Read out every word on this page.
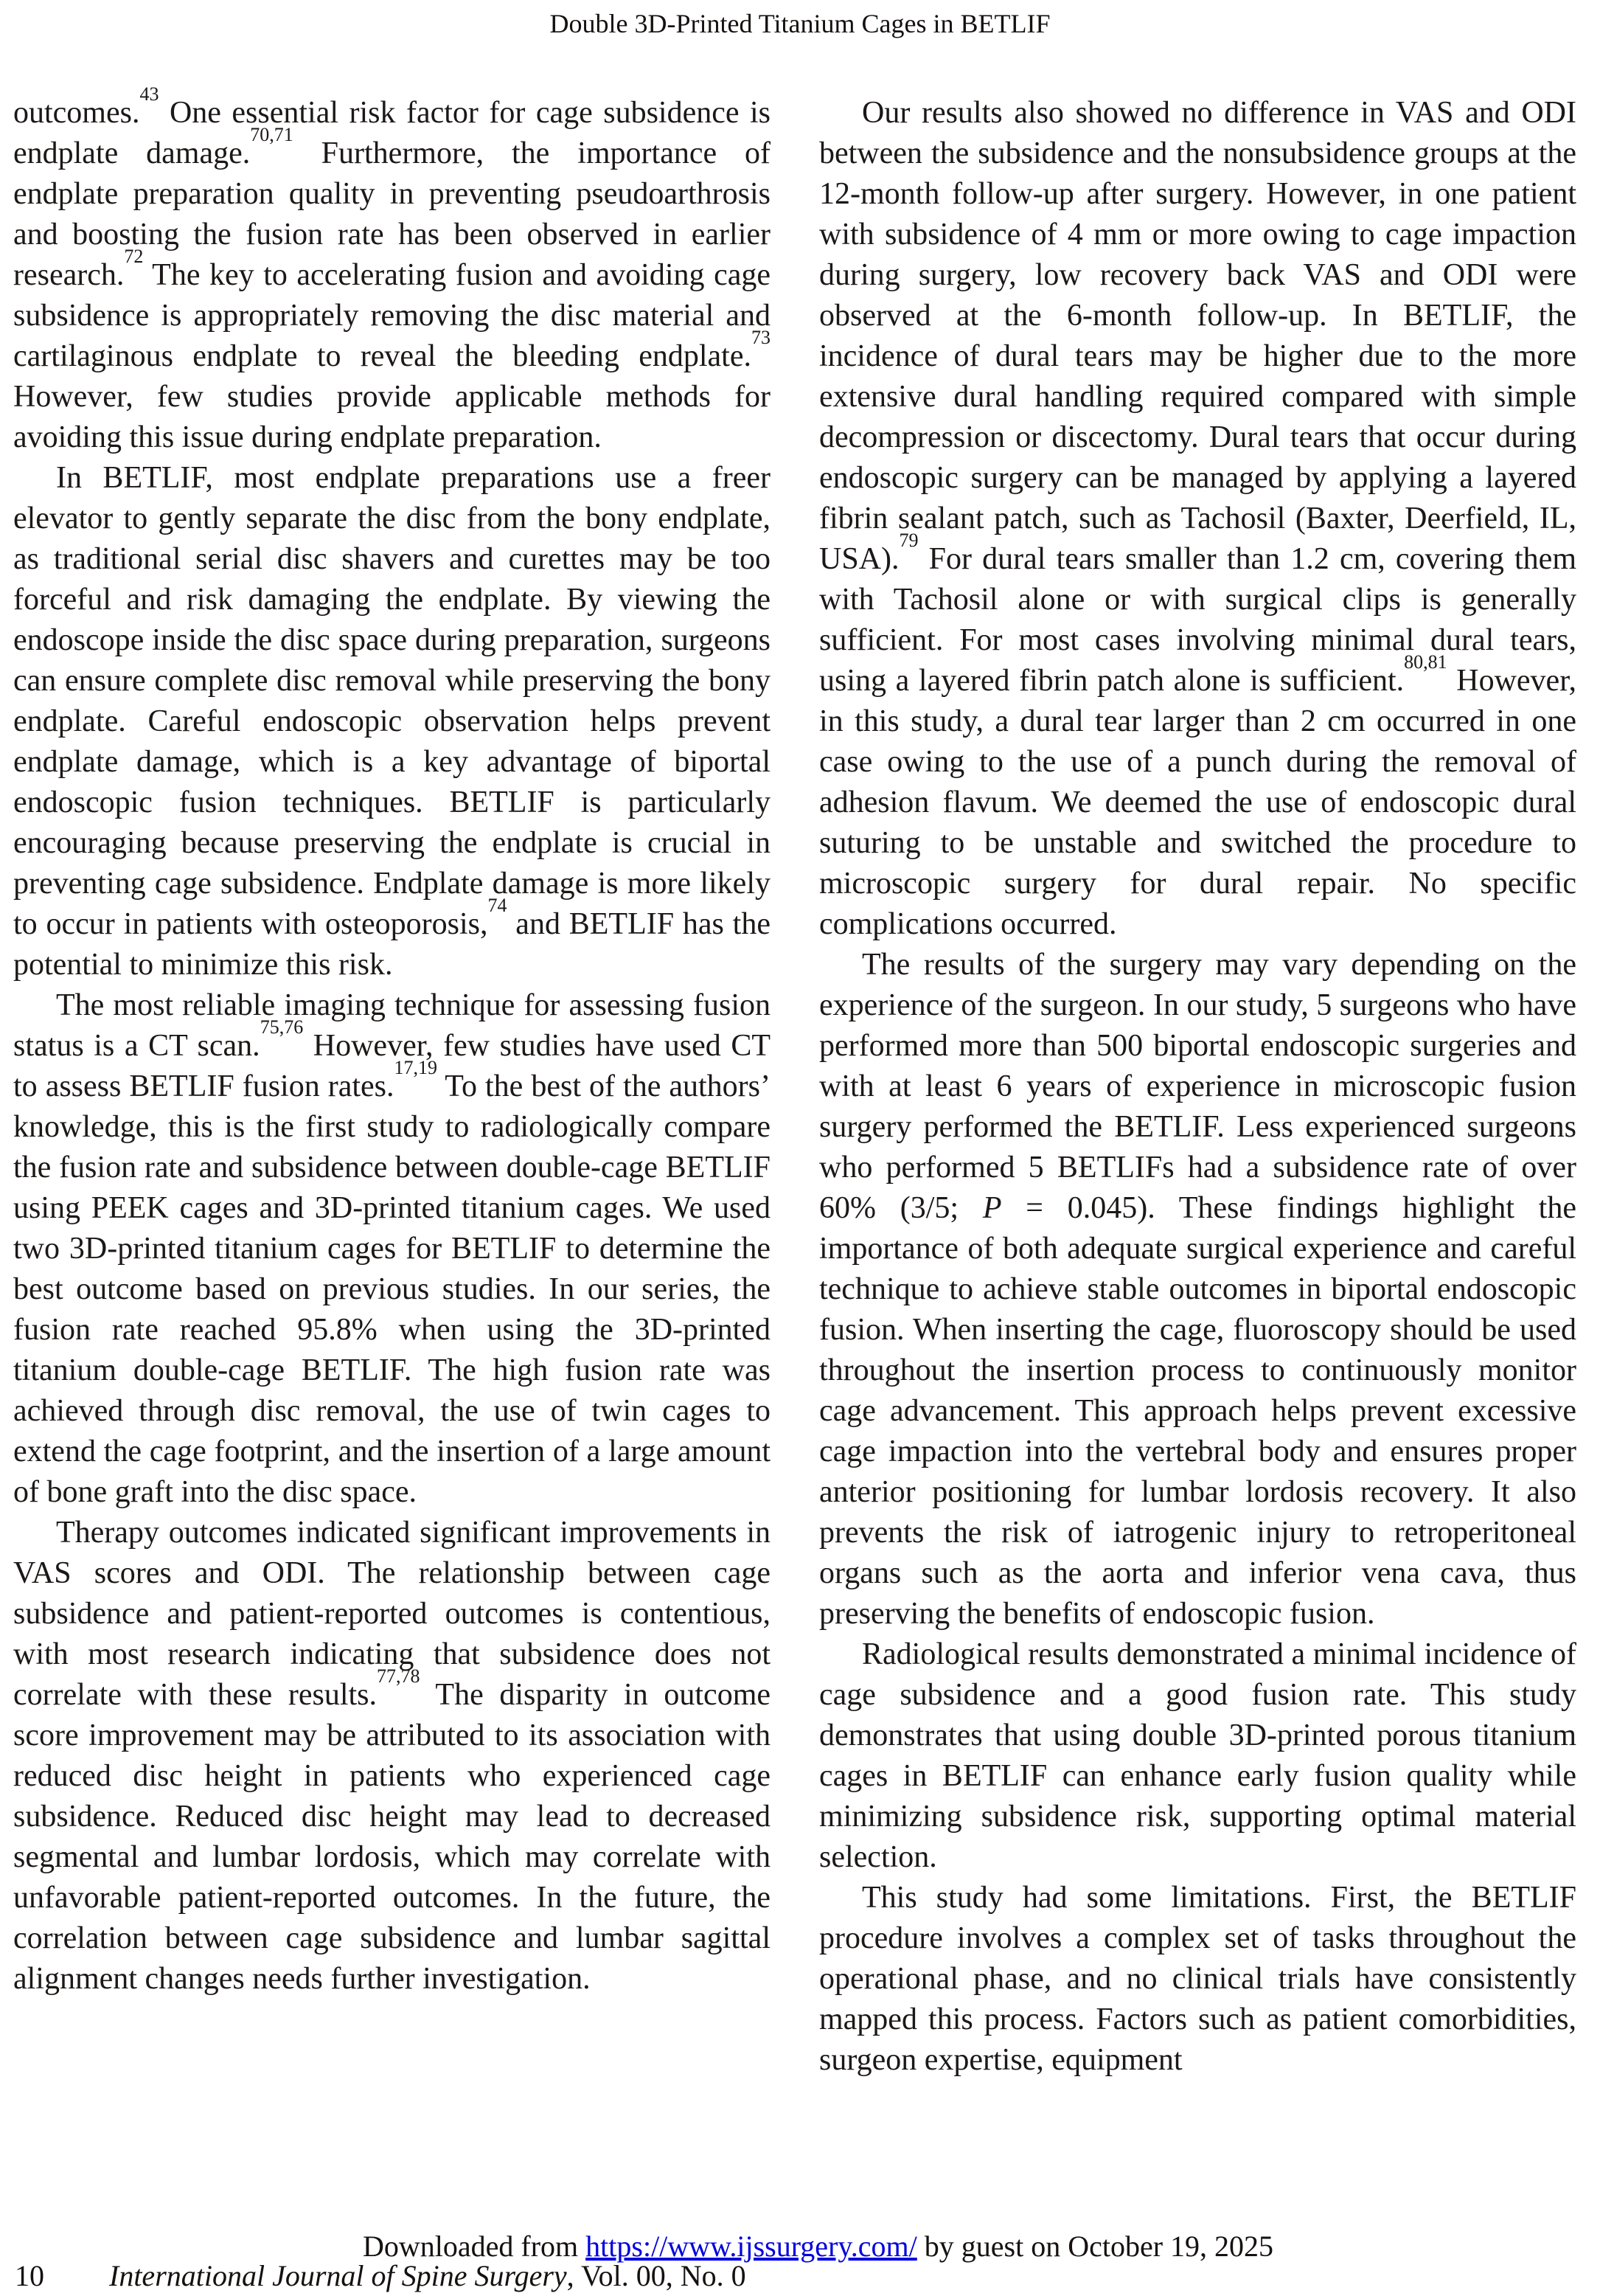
Double 3D-Printed Titanium Cages in BETLIF

outcomes.$^{43}$ One essential risk factor for cage subsidence is endplate damage.$^{70,71}$ Furthermore, the importance of endplate preparation quality in preventing pseudoarthrosis and boosting the fusion rate has been observed in earlier research.$^{72}$ The key to accelerating fusion and avoiding cage subsidence is appropriately removing the disc material and cartilaginous endplate to reveal the bleeding endplate.$^{73}$ However, few studies provide applicable methods for avoiding this issue during endplate preparation.

In BETLIF, most endplate preparations use a freer elevator to gently separate the disc from the bony endplate, as traditional serial disc shavers and curettes may be too forceful and risk damaging the endplate. By viewing the endoscope inside the disc space during preparation, surgeons can ensure complete disc removal while preserving the bony endplate. Careful endoscopic observation helps prevent endplate damage, which is a key advantage of biportal endoscopic fusion techniques. BETLIF is particularly encouraging because preserving the endplate is crucial in preventing cage subsidence. Endplate damage is more likely to occur in patients with osteoporosis,$^{74}$ and BETLIF has the potential to minimize this risk.

The most reliable imaging technique for assessing fusion status is a CT scan.$^{75,76}$ However, few studies have used CT to assess BETLIF fusion rates.$^{17,19}$ To the best of the authors’ knowledge, this is the first study to radiologically compare the fusion rate and subsidence between double-cage BETLIF using PEEK cages and 3D-printed titanium cages. We used two 3D-printed titanium cages for BETLIF to determine the best outcome based on previous studies. In our series, the fusion rate reached 95.8% when using the 3D-printed titanium double-cage BETLIF. The high fusion rate was achieved through disc removal, the use of twin cages to extend the cage footprint, and the insertion of a large amount of bone graft into the disc space.

Therapy outcomes indicated significant improvements in VAS scores and ODI. The relationship between cage subsidence and patient-reported outcomes is contentious, with most research indicating that subsidence does not correlate with these results.$^{77,78}$ The disparity in outcome score improvement may be attributed to its association with reduced disc height in patients who experienced cage subsidence. Reduced disc height may lead to decreased segmental and lumbar lordosis, which may correlate with unfavorable patient-reported outcomes. In the future, the correlation between cage subsidence and lumbar sagittal alignment changes needs further investigation.

Our results also showed no difference in VAS and ODI between the subsidence and the nonsubsidence groups at the 12-month follow-up after surgery. However, in one patient with subsidence of 4 mm or more owing to cage impaction during surgery, low recovery back VAS and ODI were observed at the 6-month follow-up. In BETLIF, the incidence of dural tears may be higher due to the more extensive dural handling required compared with simple decompression or discectomy. Dural tears that occur during endoscopic surgery can be managed by applying a layered fibrin sealant patch, such as Tachosil (Baxter, Deerfield, IL, USA).$^{79}$ For dural tears smaller than 1.2 cm, covering them with Tachosil alone or with surgical clips is generally sufficient. For most cases involving minimal dural tears, using a layered fibrin patch alone is sufficient.$^{80,81}$ However, in this study, a dural tear larger than 2 cm occurred in one case owing to the use of a punch during the removal of adhesion flavum. We deemed the use of endoscopic dural suturing to be unstable and switched the procedure to microscopic surgery for dural repair. No specific complications occurred.

The results of the surgery may vary depending on the experience of the surgeon. In our study, 5 surgeons who have performed more than 500 biportal endoscopic surgeries and with at least 6 years of experience in microscopic fusion surgery performed the BETLIF. Less experienced surgeons who performed 5 BETLIFs had a subsidence rate of over 60% (3/5; P = 0.045). These findings highlight the importance of both adequate surgical experience and careful technique to achieve stable outcomes in biportal endoscopic fusion. When inserting the cage, fluoroscopy should be used throughout the insertion process to continuously monitor cage advancement. This approach helps prevent excessive cage impaction into the vertebral body and ensures proper anterior positioning for lumbar lordosis recovery. It also prevents the risk of iatrogenic injury to retroperitoneal organs such as the aorta and inferior vena cava, thus preserving the benefits of endoscopic fusion.

Radiological results demonstrated a minimal incidence of cage subsidence and a good fusion rate. This study demonstrates that using double 3D-printed porous titanium cages in BETLIF can enhance early fusion quality while minimizing subsidence risk, supporting optimal material selection.

This study had some limitations. First, the BETLIF procedure involves a complex set of tasks throughout the operational phase, and no clinical trials have consistently mapped this process. Factors such as patient comorbidities, surgeon expertise, equipment

Downloaded from https://www.ijssurgery.com/ by guest on October 19, 2025
10 International Journal of Spine Surgery, Vol. 00, No. 0
